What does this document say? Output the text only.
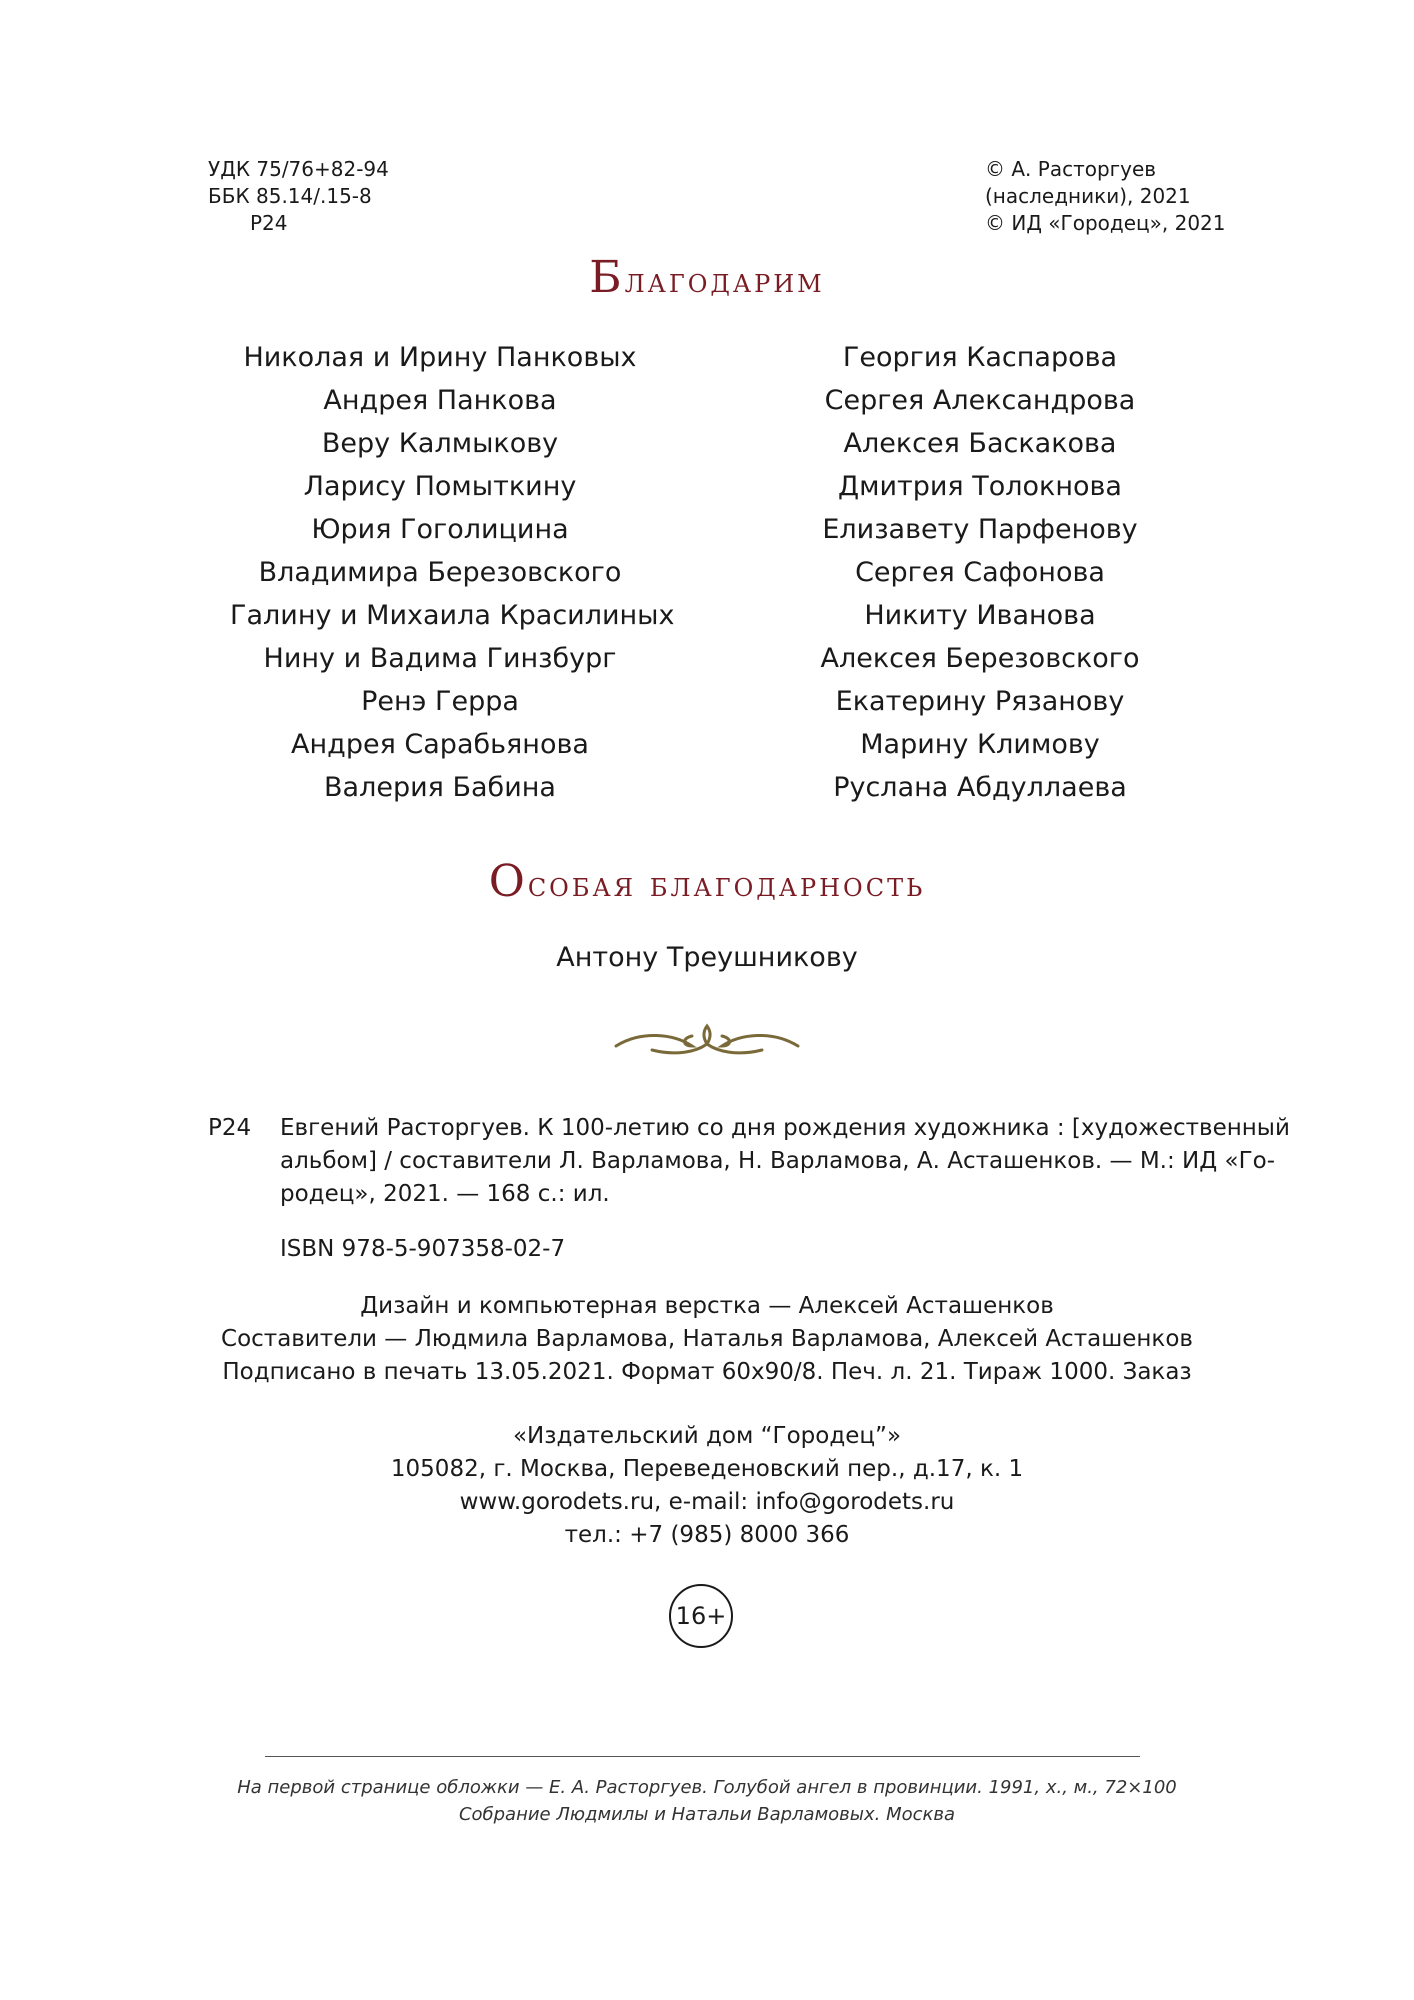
УДК 75/76+82-94
ББК 85.14/.15-8
Р24
© А. Расторгуев
(наследники), 2021
© ИД «Городец», 2021
Благодарим
Николая и Ирину Панковых
Андрея Панкова
Веру Калмыкову
Ларису Помыткину
Юрия Гоголицина
Владимира Березовского
Галину и Михаила Красилиных
Нину и Вадима Гинзбург
Ренэ Герра
Андрея Сарабьянова
Валерия Бабина
Георгия Каспарова
Сергея Александрова
Алексея Баскакова
Дмитрия Толокнова
Елизавету Парфенову
Сергея Сафонова
Никиту Иванова
Алексея Березовского
Екатерину Рязанову
Марину Климову
Руслана Абдуллаева
Особая благодарность
Антону Треушникову
Р24 Евгений Расторгуев. К 100-летию со дня рождения художника : [художественный
альбом] / составители Л. Варламова, Н. Варламова, А. Асташенков. — М.: ИД «Го-
родец», 2021. — 168 с.: ил.
ISBN 978-5-907358-02-7
Дизайн и компьютерная верстка — Алексей Асташенков
Составители — Людмила Варламова, Наталья Варламова, Алексей Асташенков
Подписано в печать 13.05.2021. Формат 60х90/8. Печ. л. 21. Тираж 1000. Заказ
«Издательский дом “Городец”»
105082, г. Москва, Переведеновский пер., д.17, к. 1
www.gorodets.ru, e-mail: info@gorodets.ru
тел.: +7 (985) 8000 366
16+
На первой странице обложки — Е. А. Расторгуев. Голубой ангел в провинции. 1991, х., м., 72×100
Собрание Людмилы и Натальи Варламовых. Москва
